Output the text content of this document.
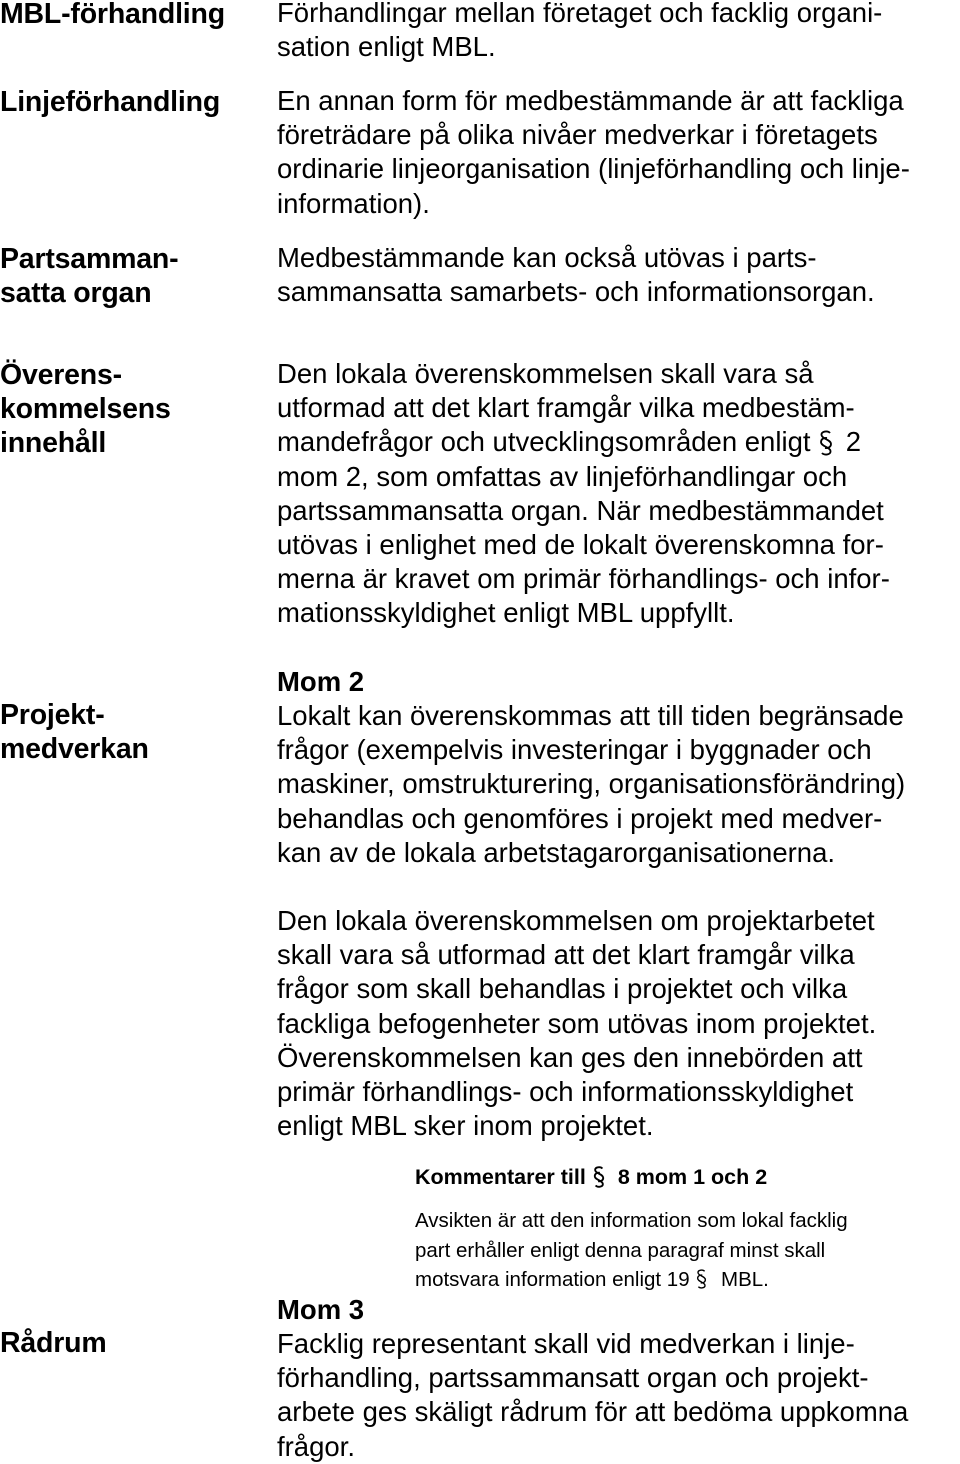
MBL-förhandling
Linjeförhandling
Partsamman-
satta organ
Överens-
kommelsens
innehåll
Projekt-
medverkan
Rådrum
Förhandlingar mellan företaget och facklig organi-
sation enligt MBL.
En annan form för medbestämmande är att fackliga
företrädare på olika nivåer medverkar i företagets
ordinarie linjeorganisation (linjeförhandling och linje-
information).
Medbestämmande kan också utövas i parts-
sammansatta samarbets- och informationsorgan.
Den lokala överenskommelsen skall vara så
utformad att det klart framgår vilka medbestäm-
mandefrågor och utvecklingsområden enligt 2
mom 2, som omfattas av linjeförhandlingar och
partssammansatta organ. När medbestämmandet
utövas i enlighet med de lokalt överenskomna for-
merna är kravet om primär förhandlings- och infor-
mationsskyldighet enligt MBL uppfyllt.
Mom 2
Lokalt kan överenskommas att till tiden begränsade
frågor (exempelvis investeringar i byggnader och
maskiner, omstrukturering, organisationsförändring)
behandlas och genomföres i projekt med medver-
kan av de lokala arbetstagarorganisationerna.
Den lokala överenskommelsen om projektarbetet
skall vara så utformad att det klart framgår vilka
frågor som skall behandlas i projektet och vilka
fackliga befogenheter som utövas inom projektet.
Överenskommelsen kan ges den innebörden att
primär förhandlings- och informationsskyldighet
enligt MBL sker inom projektet.
Kommentarer till 8 mom 1 och 2
Avsikten är att den information som lokal facklig
part erhåller enligt denna paragraf minst skall
motsvara information enligt 19 MBL.
Mom 3
Facklig representant skall vid medverkan i linje-
förhandling, partssammansatt organ och projekt-
arbete ges skäligt rådrum för att bedöma uppkomna
frågor.
